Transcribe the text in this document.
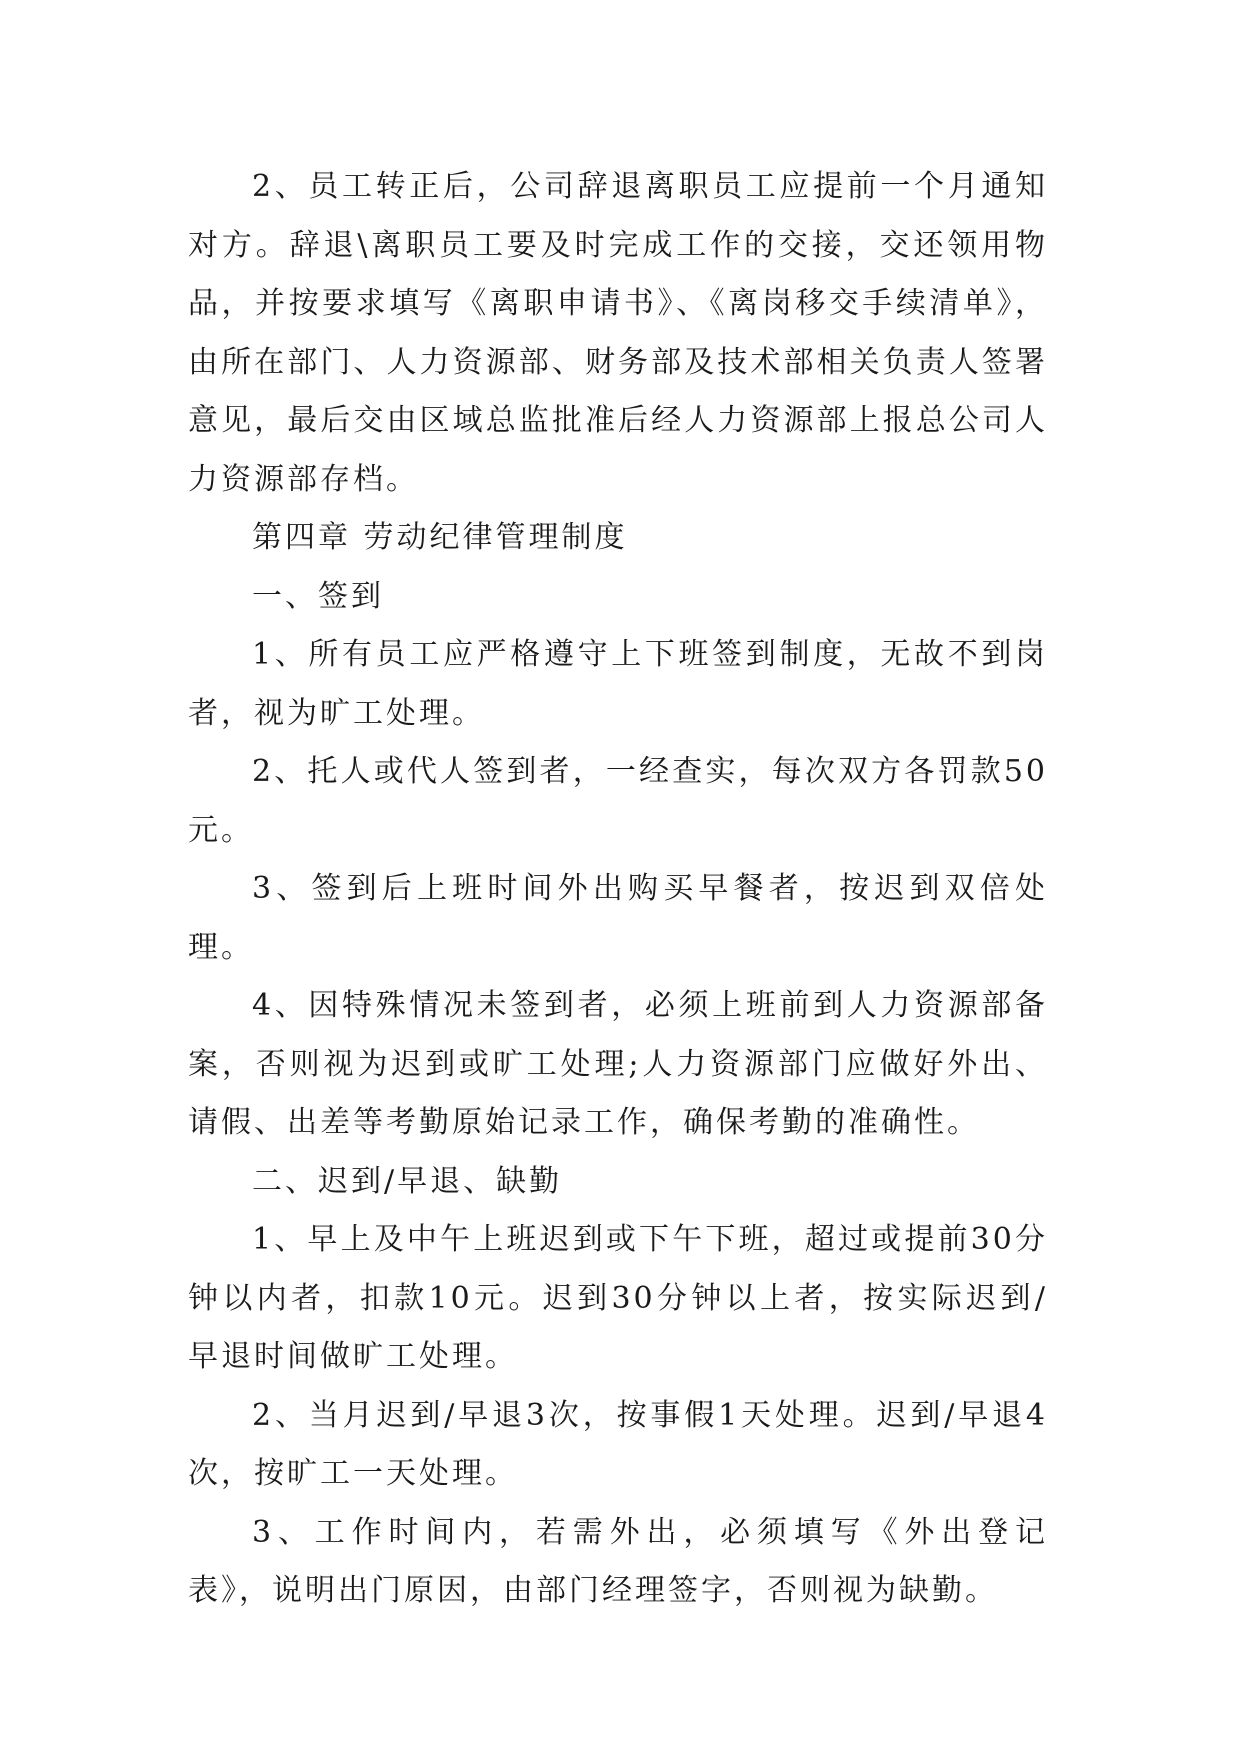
2、员工转正后，公司辞退离职员工应提前一个月通知对方。辞退\离职员工要及时完成工作的交接，交还领用物品，并按要求填写《离职申请书》、《离岗移交手续清单》，由所在部门、人力资源部、财务部及技术部相关负责人签署意见，最后交由区域总监批准后经人力资源部上报总公司人力资源部存档。

第四章 劳动纪律管理制度

一、签到

1、所有员工应严格遵守上下班签到制度，无故不到岗者，视为旷工处理。

2、托人或代人签到者，一经查实，每次双方各罚款50元。

3、签到后上班时间外出购买早餐者，按迟到双倍处理。

4、因特殊情况未签到者，必须上班前到人力资源部备案，否则视为迟到或旷工处理;人力资源部门应做好外出、请假、出差等考勤原始记录工作，确保考勤的准确性。

二、迟到/早退、缺勤

1、早上及中午上班迟到或下午下班，超过或提前30分钟以内者，扣款10元。迟到30分钟以上者，按实际迟到/早退时间做旷工处理。

2、当月迟到/早退3次，按事假1天处理。迟到/早退4次，按旷工一天处理。

3、工作时间内，若需外出，必须填写《外出登记表》，说明出门原因，由部门经理签字，否则视为缺勤。
